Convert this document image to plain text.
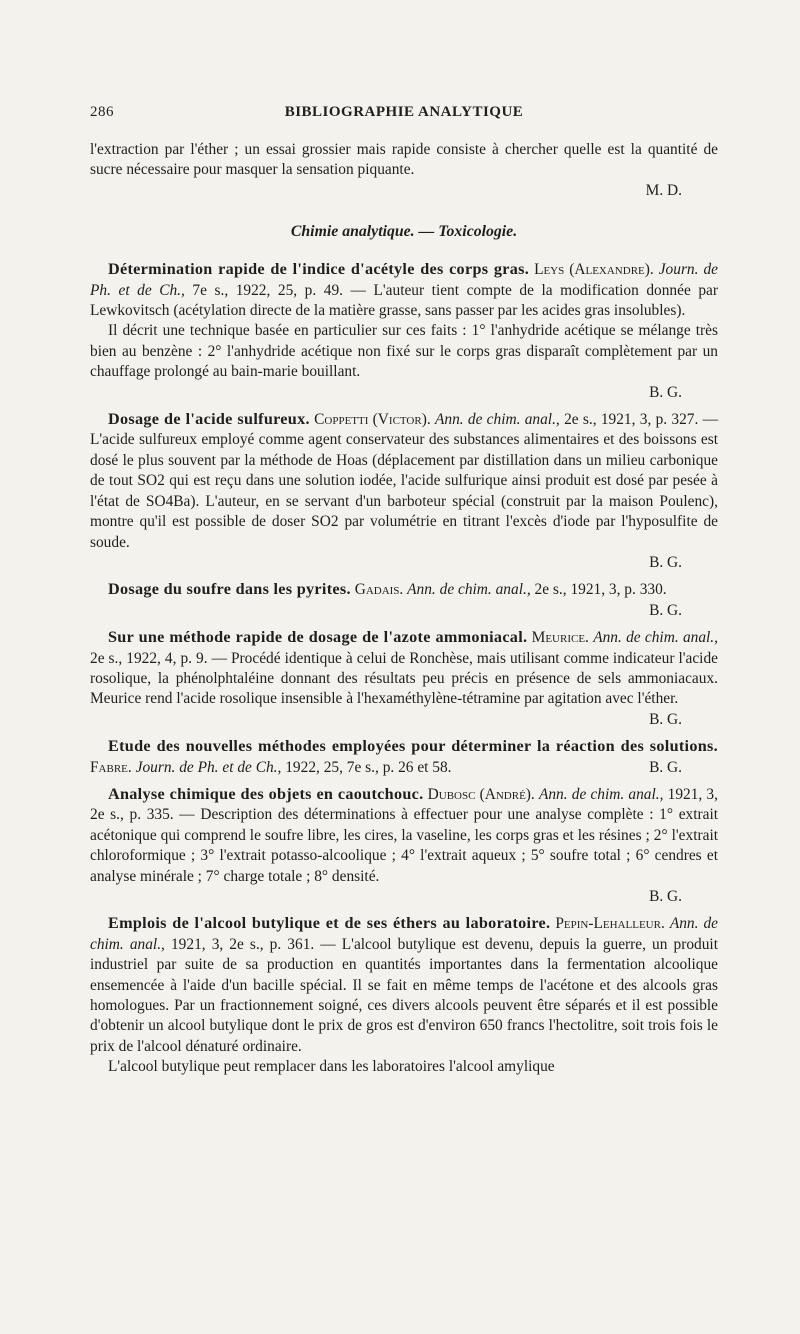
286	BIBLIOGRAPHIE ANALYTIQUE

l'extraction par l'éther ; un essai grossier mais rapide consiste à chercher quelle est la quantité de sucre nécessaire pour masquer la sensation piquante.

M. D.

Chimie analytique. — Toxicologie.

Détermination rapide de l'indice d'acétyle des corps gras. Leys (Alexandre). Journ. de Ph. et de Ch., 7e s., 1922, 25, p. 49. — L'auteur tient compte de la modification donnée par Lewkovitsch (acétylation directe de la matière grasse, sans passer par les acides gras insolubles).

Il décrit une technique basée en particulier sur ces faits : 1° l'anhydride acétique se mélange très bien au benzène : 2° l'anhydride acétique non fixé sur le corps gras disparaît complètement par un chauffage prolongé au bain-marie bouillant.

B. G.

Dosage de l'acide sulfureux. Coppetti (Victor). Ann. de chim. anal., 2e s., 1921, 3, p. 327. — L'acide sulfureux employé comme agent conservateur des substances alimentaires et des boissons est dosé le plus souvent par la méthode de Hoas (déplacement par distillation dans un milieu carbonique de tout SO2 qui est reçu dans une solution iodée, l'acide sulfurique ainsi produit est dosé par pesée à l'état de SO4Ba). L'auteur, en se servant d'un barboteur spécial (construit par la maison Poulenc), montre qu'il est possible de doser SO2 par volumétrie en titrant l'excès d'iode par l'hyposulfite de soude.

B. G.

Dosage du soufre dans les pyrites. Gadais. Ann. de chim. anal., 2e s., 1921, 3, p. 330.
B. G.

Sur une méthode rapide de dosage de l'azote ammoniacal. Meurice. Ann. de chim. anal., 2e s., 1922, 4, p. 9. — Procédé identique à celui de Ronchèse, mais utilisant comme indicateur l'acide rosolique, la phénolphtaléine donnant des résultats peu précis en présence de sels ammoniacaux. Meurice rend l'acide rosolique insensible à l'hexaméthylène-tétramine par agitation avec l'éther.
B. G.

Etude des nouvelles méthodes employées pour déterminer la réaction des solutions. Fabre. Journ. de Ph. et de Ch., 1922, 25, 7e s., p. 26 et 58.	B. G.

Analyse chimique des objets en caoutchouc. Dubosc (André). Ann. de chim. anal., 1921, 3, 2e s., p. 335. — Description des déterminations à effectuer pour une analyse complète : 1° extrait acétonique qui comprend le soufre libre, les cires, la vaseline, les corps gras et les résines ; 2° l'extrait chloroformique ; 3° l'extrait potasso-alcoolique ; 4° l'extrait aqueux ; 5° soufre total ; 6° cendres et analyse minérale ; 7° charge totale ; 8° densité.

B. G.

Emplois de l'alcool butylique et de ses éthers au laboratoire. Pepin-Lehalleur. Ann. de chim. anal., 1921, 3, 2e s., p. 361. — L'alcool butylique est devenu, depuis la guerre, un produit industriel par suite de sa production en quantités importantes dans la fermentation alcoolique ensemencée à l'aide d'un bacille spécial. Il se fait en même temps de l'acétone et des alcools gras homologues. Par un fractionnement soigné, ces divers alcools peuvent être séparés et il est possible d'obtenir un alcool butylique dont le prix de gros est d'environ 650 francs l'hectolitre, soit trois fois le prix de l'alcool dénaturé ordinaire.

L'alcool butylique peut remplacer dans les laboratoires l'alcool amylique
